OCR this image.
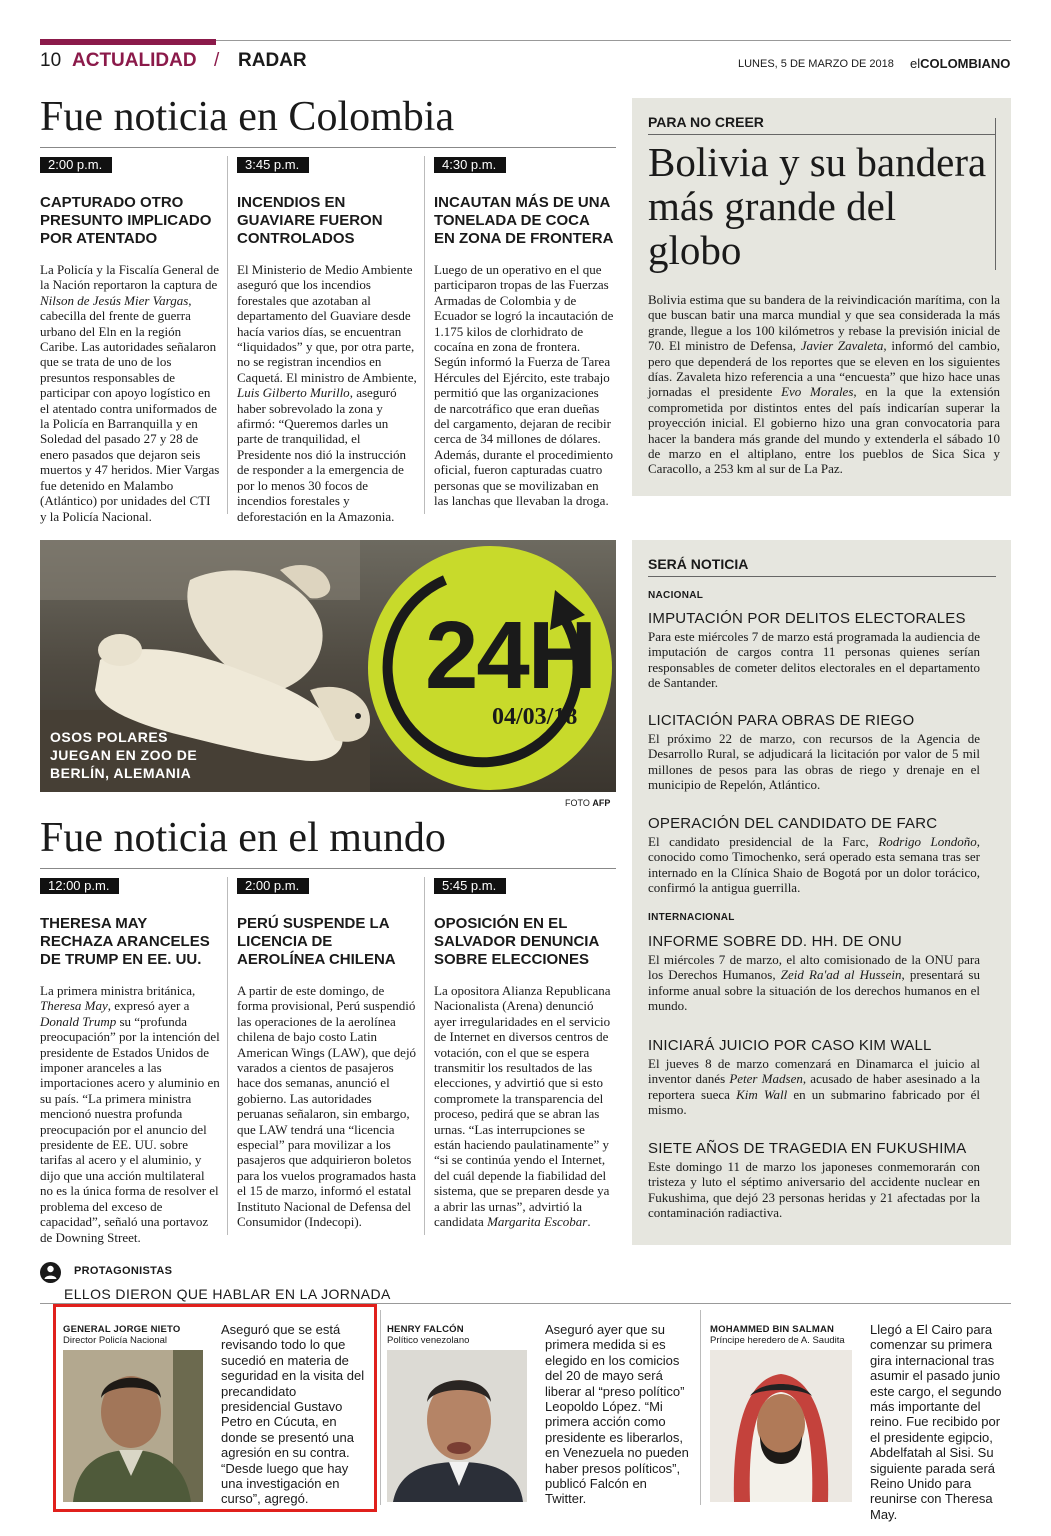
10 ACTUALIDAD / RADAR	LUNES, 5 DE MARZO DE 2018 elCOLOMBIANO
Fue noticia en Colombia
2:00 p.m.
CAPTURADO OTRO PRESUNTO IMPLICADO POR ATENTADO
La Policía y la Fiscalía General de la Nación reportaron la captura de Nilson de Jesús Mier Vargas, cabecilla del frente de guerra urbano del Eln en la región Caribe. Las autoridades señalaron que se trata de uno de los presuntos responsables de participar con apoyo logístico en el atentado contra uniformados de la Policía en Barranquilla y en Soledad del pasado 27 y 28 de enero pasados que dejaron seis muertos y 47 heridos. Mier Vargas fue detenido en Malambo (Atlántico) por unidades del CTI y la Policía Nacional.
3:45 p.m.
INCENDIOS EN GUAVIARE FUERON CONTROLADOS
El Ministerio de Medio Ambiente aseguró que los incendios forestales que azotaban al departamento del Guaviare desde hacía varios días, se encuentran “liquidados” y que, por otra parte, no se registran incendios en Caquetá. El ministro de Ambiente, Luis Gilberto Murillo, aseguró haber sobrevolado la zona y afirmó: “Queremos darles un parte de tranquilidad, el Presidente nos dió la instrucción de responder a la emergencia de por lo menos 30 focos de incendios forestales y deforestación en la Amazonia.
4:30 p.m.
INCAUTAN MÁS DE UNA TONELADA DE COCA EN ZONA DE FRONTERA
Luego de un operativo en el que participaron tropas de las Fuerzas Armadas de Colombia y de Ecuador se logró la incautación de 1.175 kilos de clorhidrato de cocaína en zona de frontera. Según informó la Fuerza de Tarea Hércules del Ejército, este trabajo permitió que las organizaciones de narcotráfico que eran dueñas del cargamento, dejaran de recibir cerca de 34 millones de dólares. Además, durante el procedimiento oficial, fueron capturadas cuatro personas que se movilizaban en las lanchas que llevaban la droga.
PARA NO CREER
Bolivia y su bandera más grande del globo
Bolivia estima que su bandera de la reivindicación marítima, con la que buscan batir una marca mundial y que sea considerada la más grande, llegue a los 100 kilómetros y rebase la previsión inicial de 70. El ministro de Defensa, Javier Zavaleta, informó del cambio, pero que dependerá de los reportes que se eleven en los siguientes días. Zavaleta hizo referencia a una “encuesta” que hizo hace unas jornadas el presidente Evo Morales, en la que la extensión comprometida por distintos entes del país indicarían superar la proyección inicial. El gobierno hizo una gran convocatoria para hacer la bandera más grande del mundo y extenderla el sábado 10 de marzo en el altiplano, entre los pueblos de Sica Sica y Caracollo, a 253 km al sur de La Paz.
24H
04/03/18
OSOS POLARES JUEGAN EN ZOO DE BERLÍN, ALEMANIA
FOTO AFP
Fue noticia en el mundo
12:00 p.m.
THERESA MAY RECHAZA ARANCELES DE TRUMP EN EE. UU.
La primera ministra británica, Theresa May, expresó ayer a Donald Trump su “profunda preocupación” por la intención del presidente de Estados Unidos de imponer aranceles a las importaciones acero y aluminio en su país. “La primera ministra mencionó nuestra profunda preocupación por el anuncio del presidente de EE. UU. sobre tarifas al acero y el aluminio, y dijo que una acción multilateral no es la única forma de resolver el problema del exceso de capacidad”, señaló una portavoz de Downing Street.
2:00 p.m.
PERÚ SUSPENDE LA LICENCIA DE AEROLÍNEA CHILENA
A partir de este domingo, de forma provisional, Perú suspendió las operaciones de la aerolínea chilena de bajo costo Latin American Wings (LAW), que dejó varados a cientos de pasajeros hace dos semanas, anunció el gobierno. Las autoridades peruanas señalaron, sin embargo, que LAW tendrá una “licencia especial” para movilizar a los pasajeros que adquirieron boletos para los vuelos programados hasta el 15 de marzo, informó el estatal Instituto Nacional de Defensa del Consumidor (Indecopi).
5:45 p.m.
OPOSICIÓN EN EL SALVADOR DENUNCIA SOBRE ELECCIONES
La opositora Alianza Republicana Nacionalista (Arena) denunció ayer irregularidades en el servicio de Internet en diversos centros de votación, con el que se espera transmitir los resultados de las elecciones, y advirtió que si esto compromete la transparencia del proceso, pedirá que se abran las urnas. “Las interrupciones se están haciendo paulatinamente” y “si se continúa yendo el Internet, del cuál depende la fiabilidad del sistema, que se preparen desde ya a abrir las urnas”, advirtió la candidata Margarita Escobar.
SERÁ NOTICIA
NACIONAL
IMPUTACIÓN POR DELITOS ELECTORALES
Para este miércoles 7 de marzo está programada la audiencia de imputación de cargos contra 11 personas quienes serían responsables de cometer delitos electorales en el departamento de Santander.
LICITACIÓN PARA OBRAS DE RIEGO
El próximo 22 de marzo, con recursos de la Agencia de Desarrollo Rural, se adjudicará la licitación por valor de 5 mil millones de pesos para las obras de riego y drenaje en el municipio de Repelón, Atlántico.
OPERACIÓN DEL CANDIDATO DE FARC
El candidato presidencial de la Farc, Rodrigo Londoño, conocido como Timochenko, será operado esta semana tras ser internado en la Clínica Shaio de Bogotá por un dolor torácico, confirmó la antigua guerrilla.
INTERNACIONAL
INFORME SOBRE DD. HH. DE ONU
El miércoles 7 de marzo, el alto comisionado de la ONU para los Derechos Humanos, Zeid Ra'ad al Hussein, presentará su informe anual sobre la situación de los derechos humanos en el mundo.
INICIARÁ JUICIO POR CASO KIM WALL
El jueves 8 de marzo comenzará en Dinamarca el juicio al inventor danés Peter Madsen, acusado de haber asesinado a la reportera sueca Kim Wall en un submarino fabricado por él mismo.
SIETE AÑOS DE TRAGEDIA EN FUKUSHIMA
Este domingo 11 de marzo los japoneses conmemorarán con tristeza y luto el séptimo aniversario del accidente nuclear en Fukushima, que dejó 23 personas heridas y 21 afectadas por la contaminación radiactiva.
PROTAGONISTAS
ELLOS DIERON QUE HABLAR EN LA JORNADA
GENERAL JORGE NIETO
Director Policía Nacional
Aseguró que se está revisando todo lo que sucedió en materia de seguridad en la visita del precandidato presidencial Gustavo Petro en Cúcuta, en donde se presentó una agresión en su contra. “Desde luego que hay una investigación en curso”, agregó.
HENRY FALCÓN
Político venezolano
Aseguró ayer que su primera medida si es elegido en los comicios del 20 de mayo será liberar al “preso político” Leopoldo López. “Mi primera acción como presidente es liberarlos, en Venezuela no pueden haber presos políticos”, publicó Falcón en Twitter.
MOHAMMED BIN SALMAN
Príncipe heredero de A. Saudita
Llegó a El Cairo para comenzar su primera gira internacional tras asumir el pasado junio este cargo, el segundo más importante del reino. Fue recibido por el presidente egipcio, Abdelfatah al Sisi. Su siguiente parada será Reino Unido para reunirse con Theresa May.
